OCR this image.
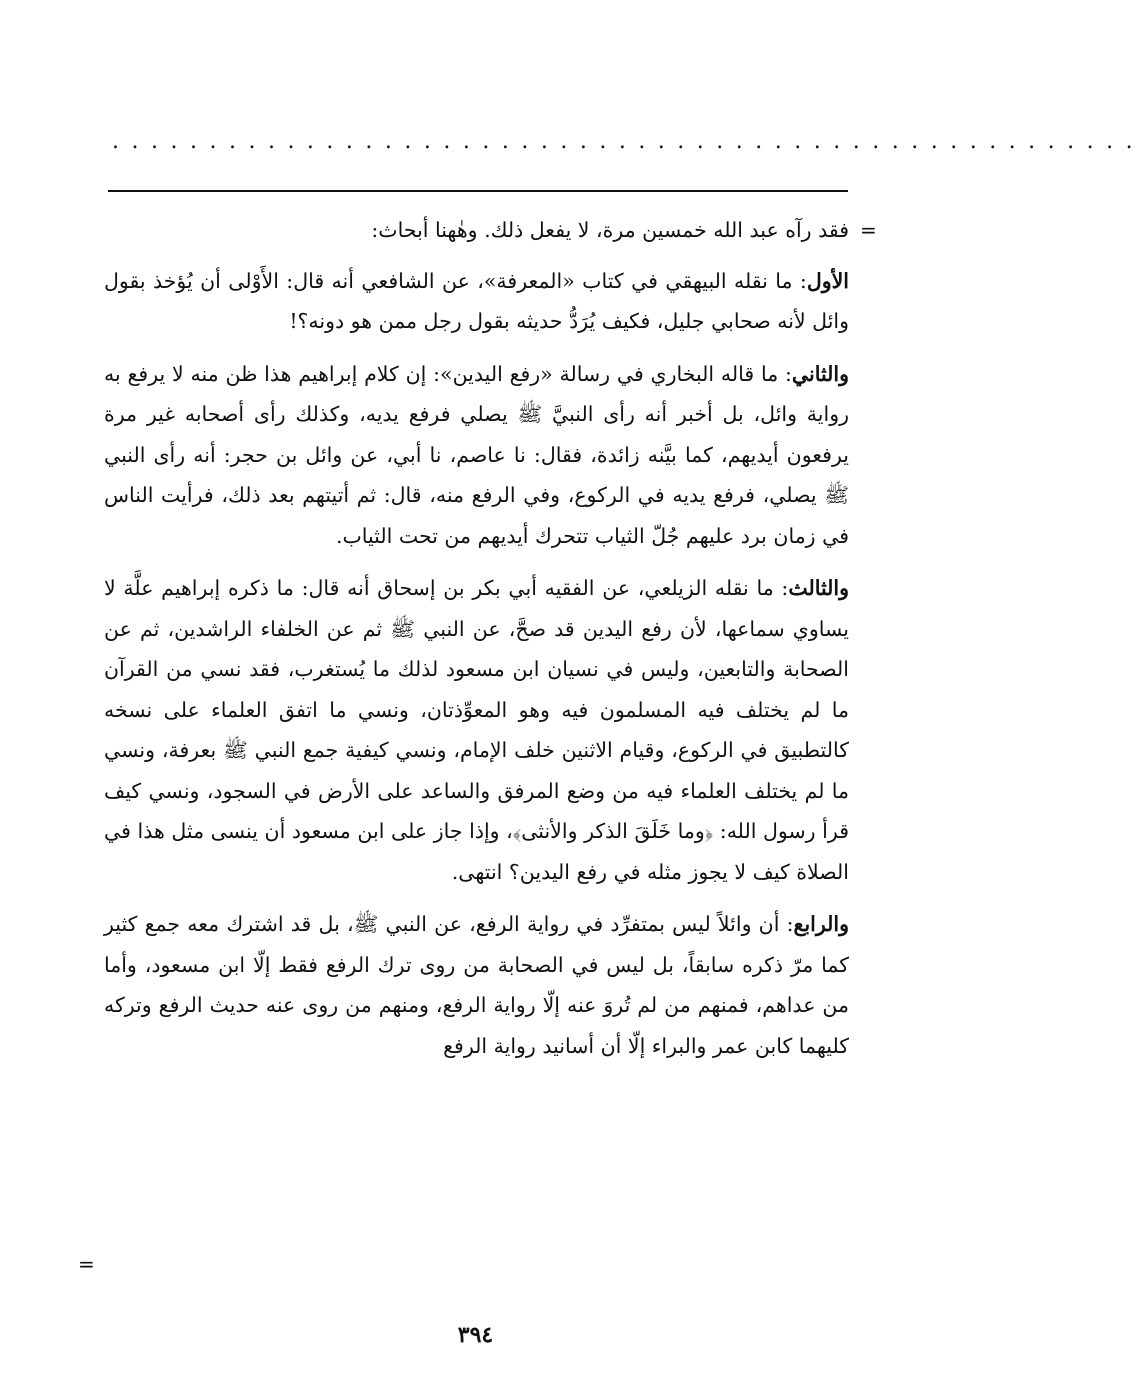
.....................................................
=

فقد رآه عبد الله خمسين مرة، لا يفعل ذلك. وهٰهنا أبحاث:

الأول: ما نقله البيهقي في كتاب «المعرفة»، عن الشافعي أنه قال: الأَوْلى أن يُؤخذ بقول وائل لأنه صحابي جليل، فكيف يُرَدُّ حديثه بقول رجل ممن هو دونه؟!

والثاني: ما قاله البخاري في رسالة «رفع اليدين»: إن كلام إبراهيم هذا ظن منه لا يرفع به رواية وائل، بل أخبر أنه رأى النبيَّ ﷺ يصلي فرفع يديه، وكذلك رأى أصحابه غير مرة يرفعون أيديهم، كما بيَّنه زائدة، فقال: نا عاصم، نا أبي، عن وائل بن حجر: أنه رأى النبي ﷺ يصلي، فرفع يديه في الركوع، وفي الرفع منه، قال: ثم أتيتهم بعد ذلك، فرأيت الناس في زمان برد عليهم جُلّ الثياب تتحرك أيديهم من تحت الثياب.

والثالث: ما نقله الزيلعي، عن الفقيه أبي بكر بن إسحاق أنه قال: ما ذكره إبراهيم علَّة لا يساوي سماعها، لأن رفع اليدين قد صحَّ، عن النبي ﷺ ثم عن الخلفاء الراشدين، ثم عن الصحابة والتابعين، وليس في نسيان ابن مسعود لذلك ما يُستغرب، فقد نسي من القرآن ما لم يختلف فيه المسلمون فيه وهو المعوِّذتان، ونسي ما اتفق العلماء على نسخه كالتطبيق في الركوع، وقيام الاثنين خلف الإمام، ونسي كيفية جمع النبي ﷺ بعرفة، ونسي ما لم يختلف العلماء فيه من وضع المرفق والساعد على الأرض في السجود، ونسي كيف قرأ رسول الله: ﴿وما خَلَقَ الذكر والأنثى﴾، وإذا جاز على ابن مسعود أن ينسى مثل هذا في الصلاة كيف لا يجوز مثله في رفع اليدين؟ انتهى.

والرابع: أن وائلاً ليس بمتفرِّد في رواية الرفع، عن النبي ﷺ، بل قد اشترك معه جمع كثير كما مرّ ذكره سابقاً، بل ليس في الصحابة من روى ترك الرفع فقط إلّا ابن مسعود، وأما من عداهم، فمنهم من لم تُروَ عنه إلّا رواية الرفع، ومنهم من روى عنه حديث الرفع وتركه كليهما كابن عمر والبراء إلّا أن أسانيد رواية الرفع

=
٣٩٤
